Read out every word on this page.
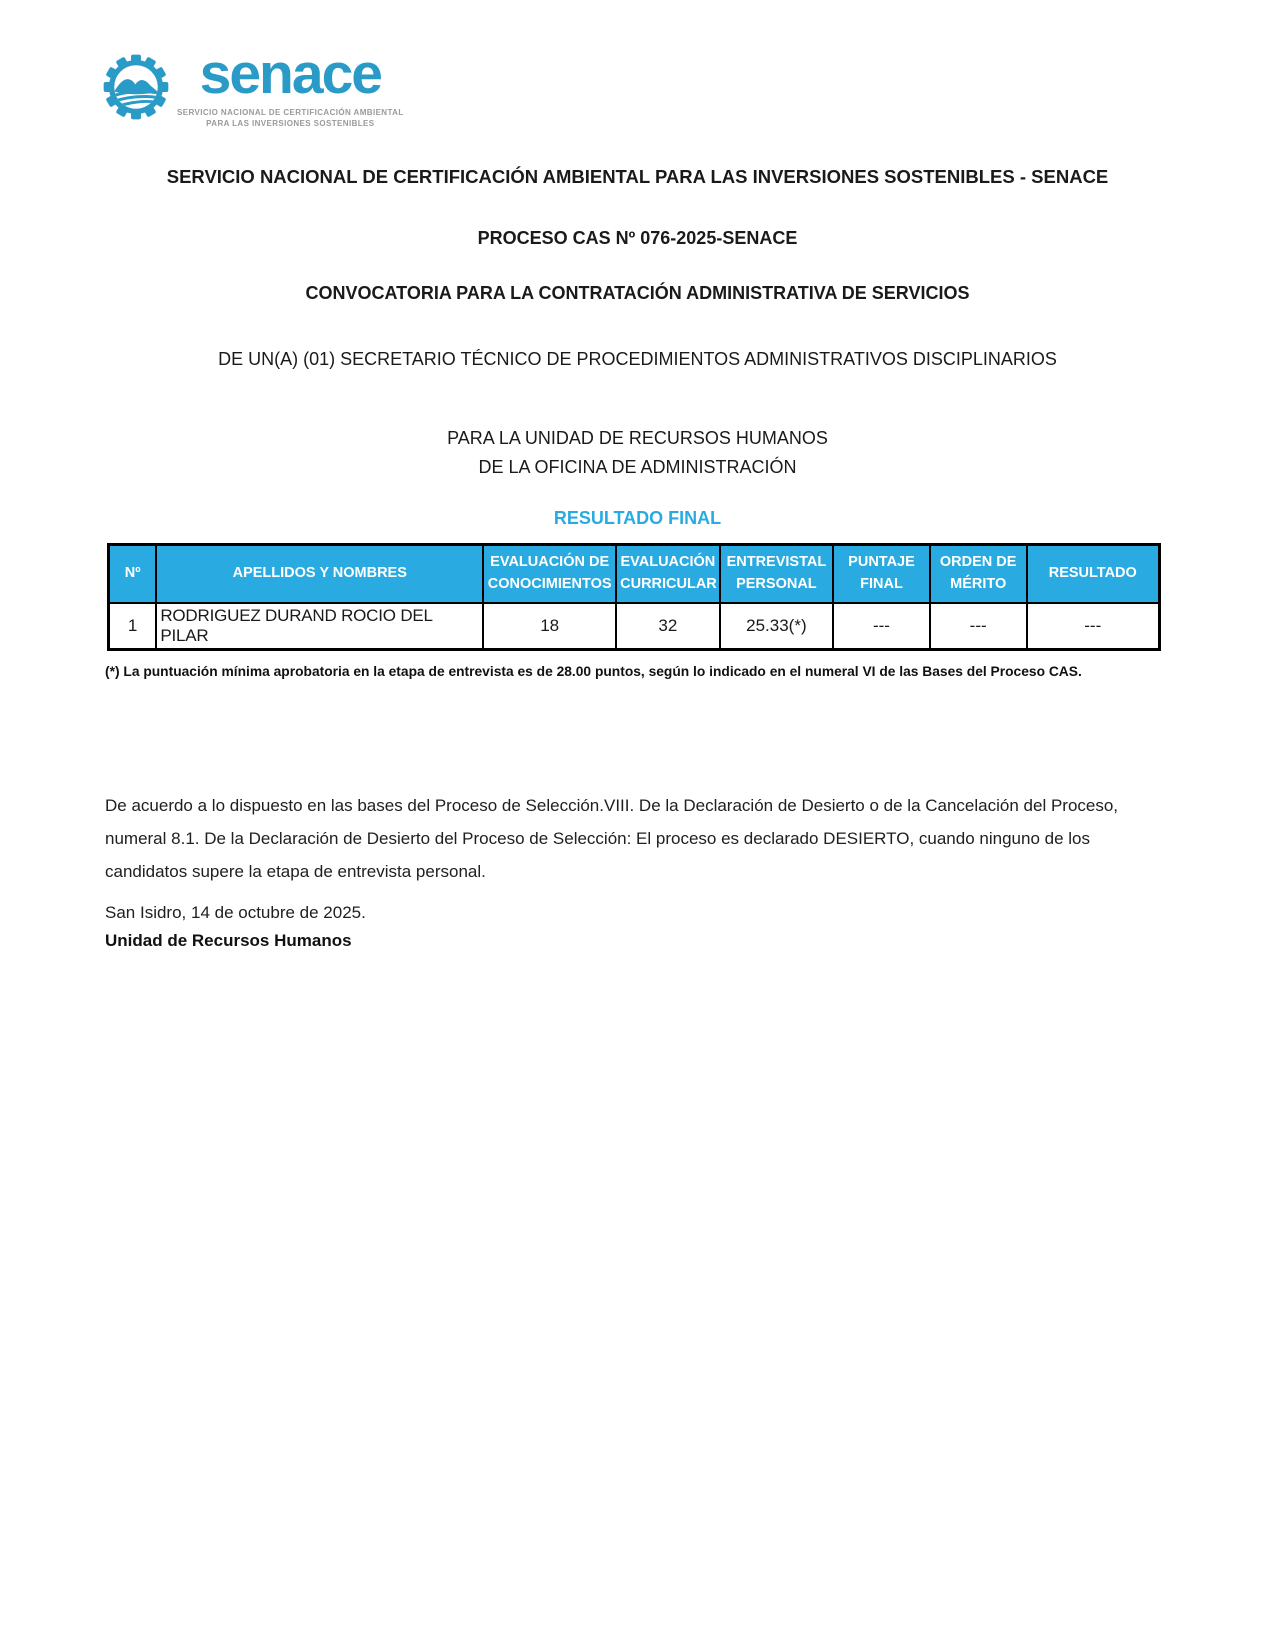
senace
SERVICIO NACIONAL DE CERTIFICACIÓN AMBIENTAL
PARA LAS INVERSIONES SOSTENIBLES
SERVICIO NACIONAL DE CERTIFICACIÓN AMBIENTAL PARA LAS INVERSIONES SOSTENIBLES - SENACE
PROCESO CAS Nº 076-2025-SENACE
CONVOCATORIA PARA LA CONTRATACIÓN ADMINISTRATIVA DE SERVICIOS
DE UN(A) (01) SECRETARIO TÉCNICO DE PROCEDIMIENTOS ADMINISTRATIVOS DISCIPLINARIOS
PARA LA UNIDAD DE RECURSOS HUMANOS
DE LA OFICINA DE ADMINISTRACIÓN
RESULTADO FINAL
Nº	APELLIDOS Y NOMBRES	EVALUACIÓN DE CONOCIMIENTOS	EVALUACIÓN CURRICULAR	ENTREVISTAL PERSONAL	PUNTAJE FINAL	ORDEN DE MÉRITO	RESULTADO
1	RODRIGUEZ DURAND ROCIO DEL PILAR	18	32	25.33(*)	---	---	---
(*) La puntuación mínima aprobatoria en la etapa de entrevista es de 28.00 puntos, según lo indicado en el numeral VI de las Bases del Proceso CAS.
De acuerdo a lo dispuesto en las bases del Proceso de Selección.VIII. De la Declaración de Desierto o de la Cancelación del Proceso, numeral 8.1. De la Declaración de Desierto del Proceso de Selección: El proceso es declarado DESIERTO, cuando ninguno de los candidatos supere la etapa de entrevista personal.
San Isidro, 14 de octubre de 2025.
Unidad de Recursos Humanos
